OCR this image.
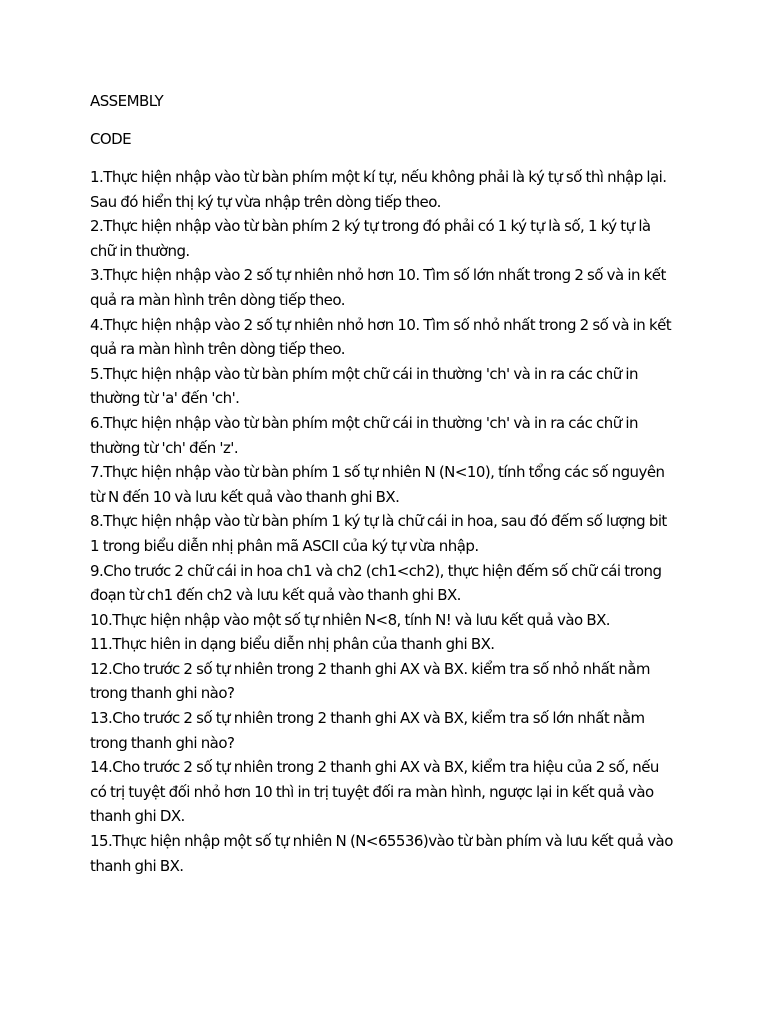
ASSEMBLY

CODE

1.Thực hiện nhập vào từ bàn phím một kí tự, nếu không phải là ký tự số thì nhập lại. Sau đó hiển thị ký tự vừa nhập trên dòng tiếp theo.
2.Thực hiện nhập vào từ bàn phím 2 ký tự trong đó phải có 1 ký tự là số, 1 ký tự là chữ in thường.
3.Thực hiện nhập vào 2 số tự nhiên nhỏ hơn 10. Tìm số lớn nhất trong 2 số và in kết quả ra màn hình trên dòng tiếp theo.
4.Thực hiện nhập vào 2 số tự nhiên nhỏ hơn 10. Tìm số nhỏ nhất trong 2 số và in kết quả ra màn hình trên dòng tiếp theo.
5.Thực hiện nhập vào từ bàn phím một chữ cái in thường 'ch' và in ra các chữ in thường từ 'a' đến 'ch'.
6.Thực hiện nhập vào từ bàn phím một chữ cái in thường 'ch' và in ra các chữ in thường từ 'ch' đến 'z'.
7.Thực hiện nhập vào từ bàn phím 1 số tự nhiên N (N<10), tính tổng các số nguyên từ N đến 10 và lưu kết quả vào thanh ghi BX.
8.Thực hiện nhập vào từ bàn phím 1 ký tự là chữ cái in hoa, sau đó đếm số lượng bit 1 trong biểu diễn nhị phân mã ASCII của ký tự vừa nhập.
9.Cho trước 2 chữ cái in hoa ch1 và ch2 (ch1<ch2), thực hiện đếm số chữ cái trong đoạn từ ch1 đến ch2 và lưu kết quả vào thanh ghi BX.
10.Thực hiện nhập vào một số tự nhiên N<8, tính N! và lưu kết quả vào BX.
11.Thực hiên in dạng biểu diễn nhị phân của thanh ghi BX.
12.Cho trước 2 số tự nhiên trong 2 thanh ghi AX và BX. kiểm tra số nhỏ nhất nằm trong thanh ghi nào?
13.Cho trước 2 số tự nhiên trong 2 thanh ghi AX và BX, kiểm tra số lớn nhất nằm trong thanh ghi nào?
14.Cho trước 2 số tự nhiên trong 2 thanh ghi AX và BX, kiểm tra hiệu của 2 số, nếu có trị tuyệt đối nhỏ hơn 10 thì in trị tuyệt đối ra màn hình, ngược lại in kết quả vào thanh ghi DX.
15.Thực hiện nhập một số tự nhiên N (N<65536)vào từ bàn phím và lưu kết quả vào thanh ghi BX.
